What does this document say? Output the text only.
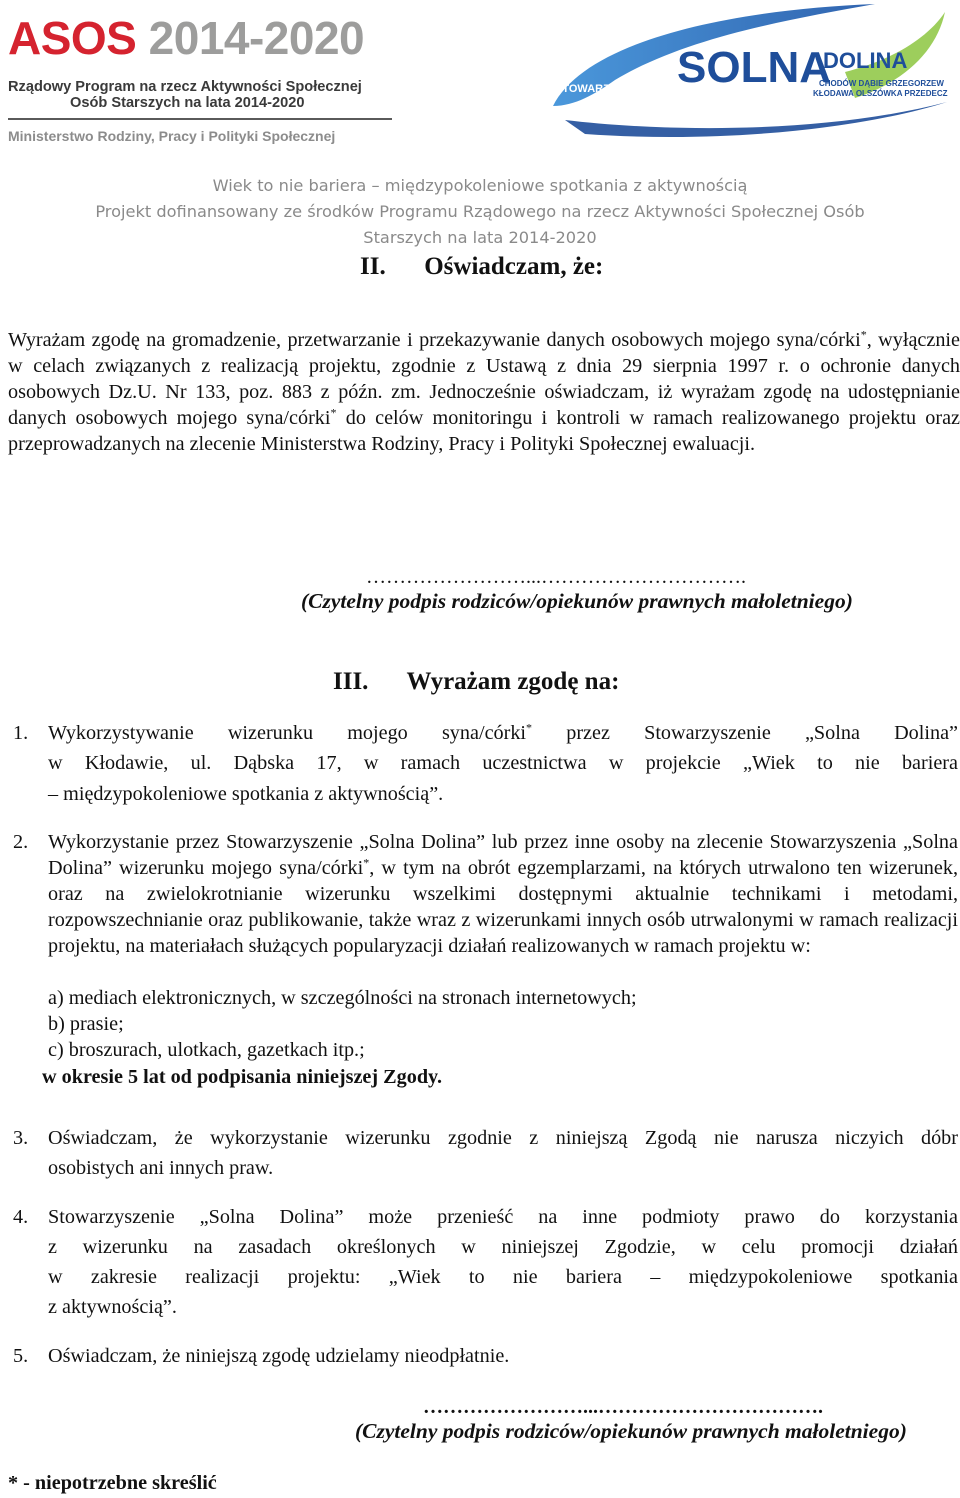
ASOS 2014-2020
Rządowy Program na rzecz Aktywności Społecznej
Osób Starszych na lata 2014-2020
Ministerstwo Rodziny, Pracy i Polityki Społecznej
STOWARZYSZENIE SOLNA
DOLINA
CHODÓW DĄBIE GRZEGORZEW
KŁODAWA OLSZÓWKA PRZEDECZ
Wiek to nie bariera – międzypokoleniowe spotkania z aktywnością
Projekt dofinansowany ze środków Programu Rządowego na rzecz Aktywności Społecznej Osób
Starszych na lata 2014-2020
II. Oświadczam, że:
Wyrażam zgodę na gromadzenie, przetwarzanie i przekazywanie danych osobowych mojego syna/córki*, wyłącznie w celach związanych z realizacją projektu, zgodnie z Ustawą z dnia 29 sierpnia 1997 r. o ochronie danych osobowych Dz.U. Nr 133, poz. 883 z późn. zm. Jednocześnie oświadczam, iż wyrażam zgodę na udostępnianie danych osobowych mojego syna/córki* do celów monitoringu i kontroli w ramach realizowanego projektu oraz przeprowadzanych na zlecenie Ministerstwa Rodziny, Pracy i Polityki Społecznej ewaluacji.
……………………...………………………….
(Czytelny podpis rodziców/opiekunów prawnych małoletniego)
III. Wyrażam zgodę na:
1. Wykorzystywanie wizerunku mojego syna/córki* przez Stowarzyszenie „Solna Dolina”
w Kłodawie, ul. Dąbska 17, w ramach uczestnictwa w projekcie „Wiek to nie bariera
– międzypokoleniowe spotkania z aktywnością”.
2. Wykorzystanie przez Stowarzyszenie „Solna Dolina” lub przez inne osoby na zlecenie Stowarzyszenia „Solna Dolina” wizerunku mojego syna/córki*, w tym na obrót egzemplarzami, na których utrwalono ten wizerunek, oraz na zwielokrotnianie wizerunku wszelkimi dostępnymi aktualnie technikami i metodami, rozpowszechnianie oraz publikowanie, także wraz z wizerunkami innych osób utrwalonymi w ramach realizacji projektu, na materiałach służących popularyzacji działań realizowanych w ramach projektu w:
a) mediach elektronicznych, w szczególności na stronach internetowych;
b) prasie;
c) broszurach, ulotkach, gazetkach itp.;
w okresie 5 lat od podpisania niniejszej Zgody.
3. Oświadczam, że wykorzystanie wizerunku zgodnie z niniejszą Zgodą nie narusza niczyich dóbr
osobistych ani innych praw.
4. Stowarzyszenie „Solna Dolina” może przenieść na inne podmioty prawo do korzystania
z wizerunku na zasadach określonych w niniejszej Zgodzie, w celu promocji działań
w zakresie realizacji projektu: „Wiek to nie bariera – międzypokoleniowe spotkania
z aktywnością”.
5. Oświadczam, że niniejszą zgodę udzielamy nieodpłatnie.
……………………...…………………………….
(Czytelny podpis rodziców/opiekunów prawnych małoletniego)
* - niepotrzebne skreślić
